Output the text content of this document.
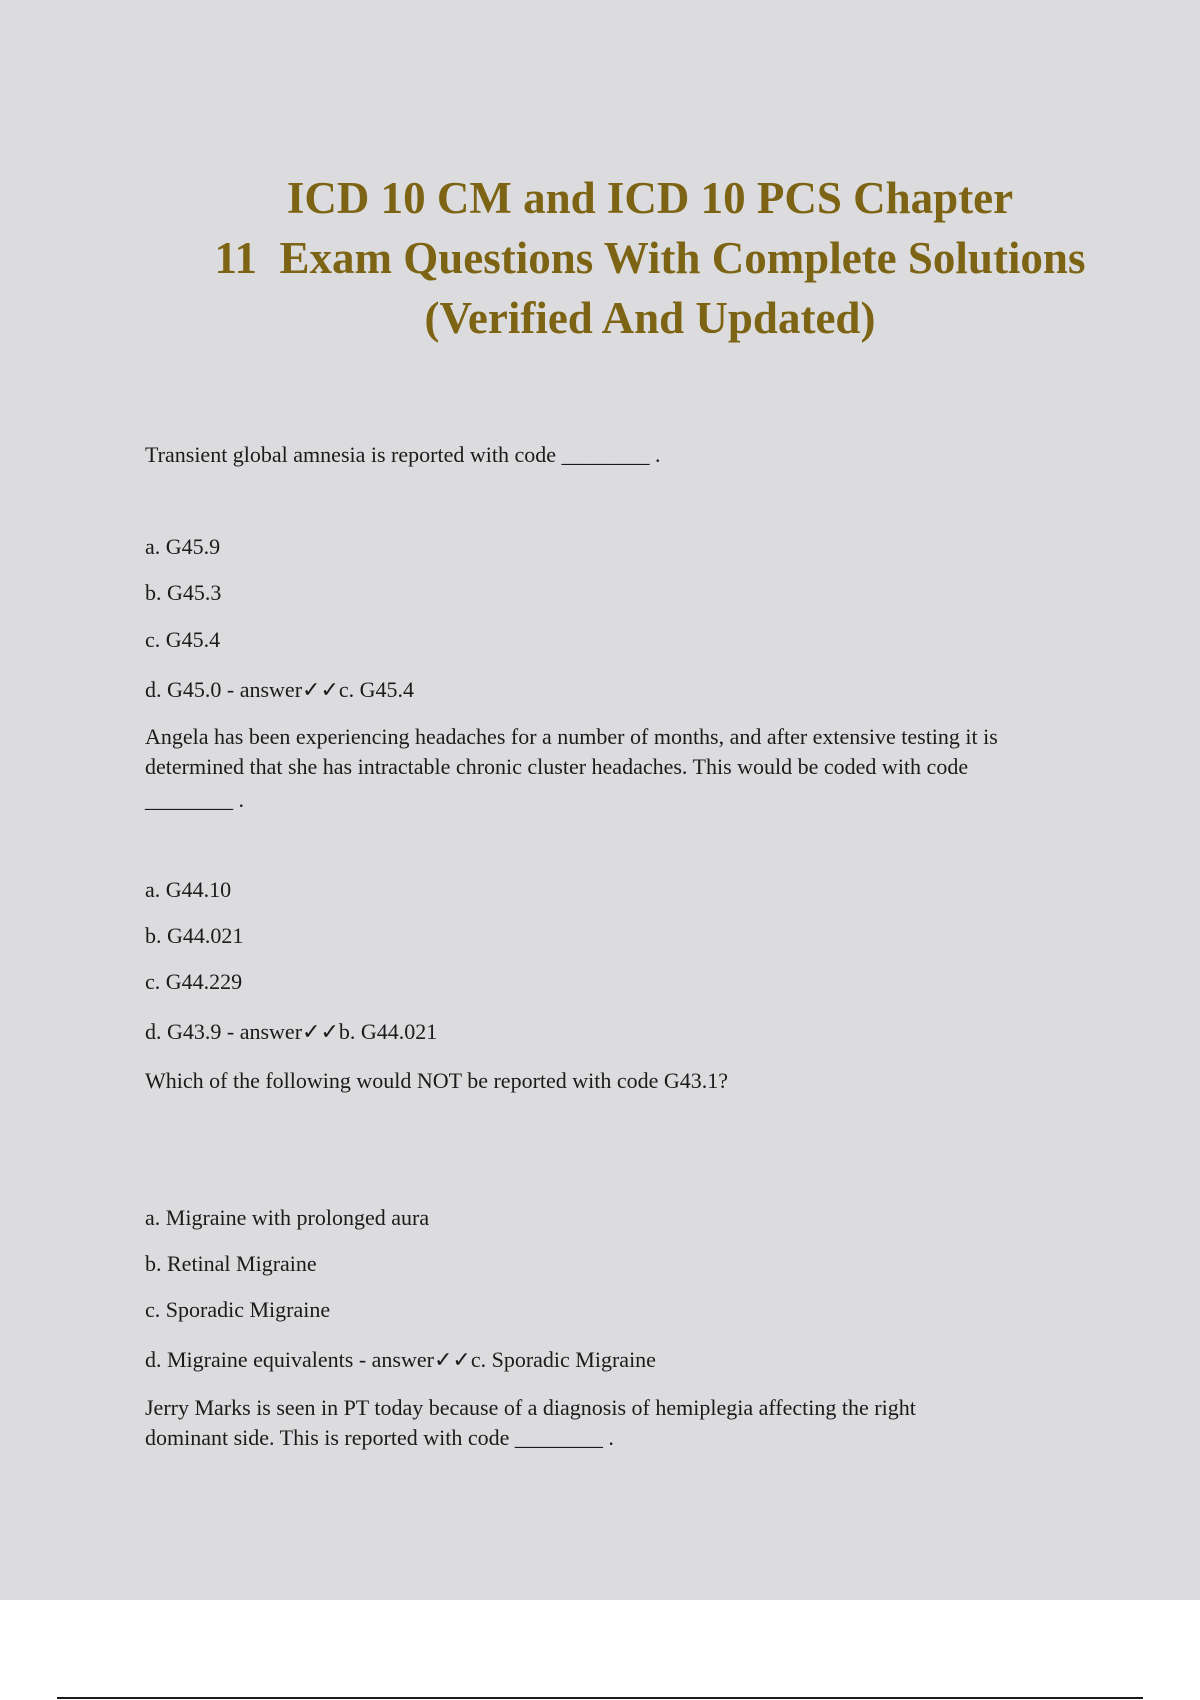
ICD 10 CM and ICD 10 PCS Chapter
11  Exam Questions With Complete Solutions
(Verified And Updated)

Transient global amnesia is reported with code ________ .

a. G45.9

b. G45.3

c. G45.4

d. G45.0 - answer✓✓c. G45.4

Angela has been experiencing headaches for a number of months, and after extensive testing it is

determined that she has intractable chronic cluster headaches. This would be coded with code

________ .

a. G44.10

b. G44.021

c. G44.229

d. G43.9 - answer✓✓b. G44.021

Which of the following would NOT be reported with code G43.1?

a. Migraine with prolonged aura

b. Retinal Migraine

c. Sporadic Migraine

d. Migraine equivalents - answer✓✓c. Sporadic Migraine

Jerry Marks is seen in PT today because of a diagnosis of hemiplegia affecting the right

dominant side. This is reported with code ________ .
